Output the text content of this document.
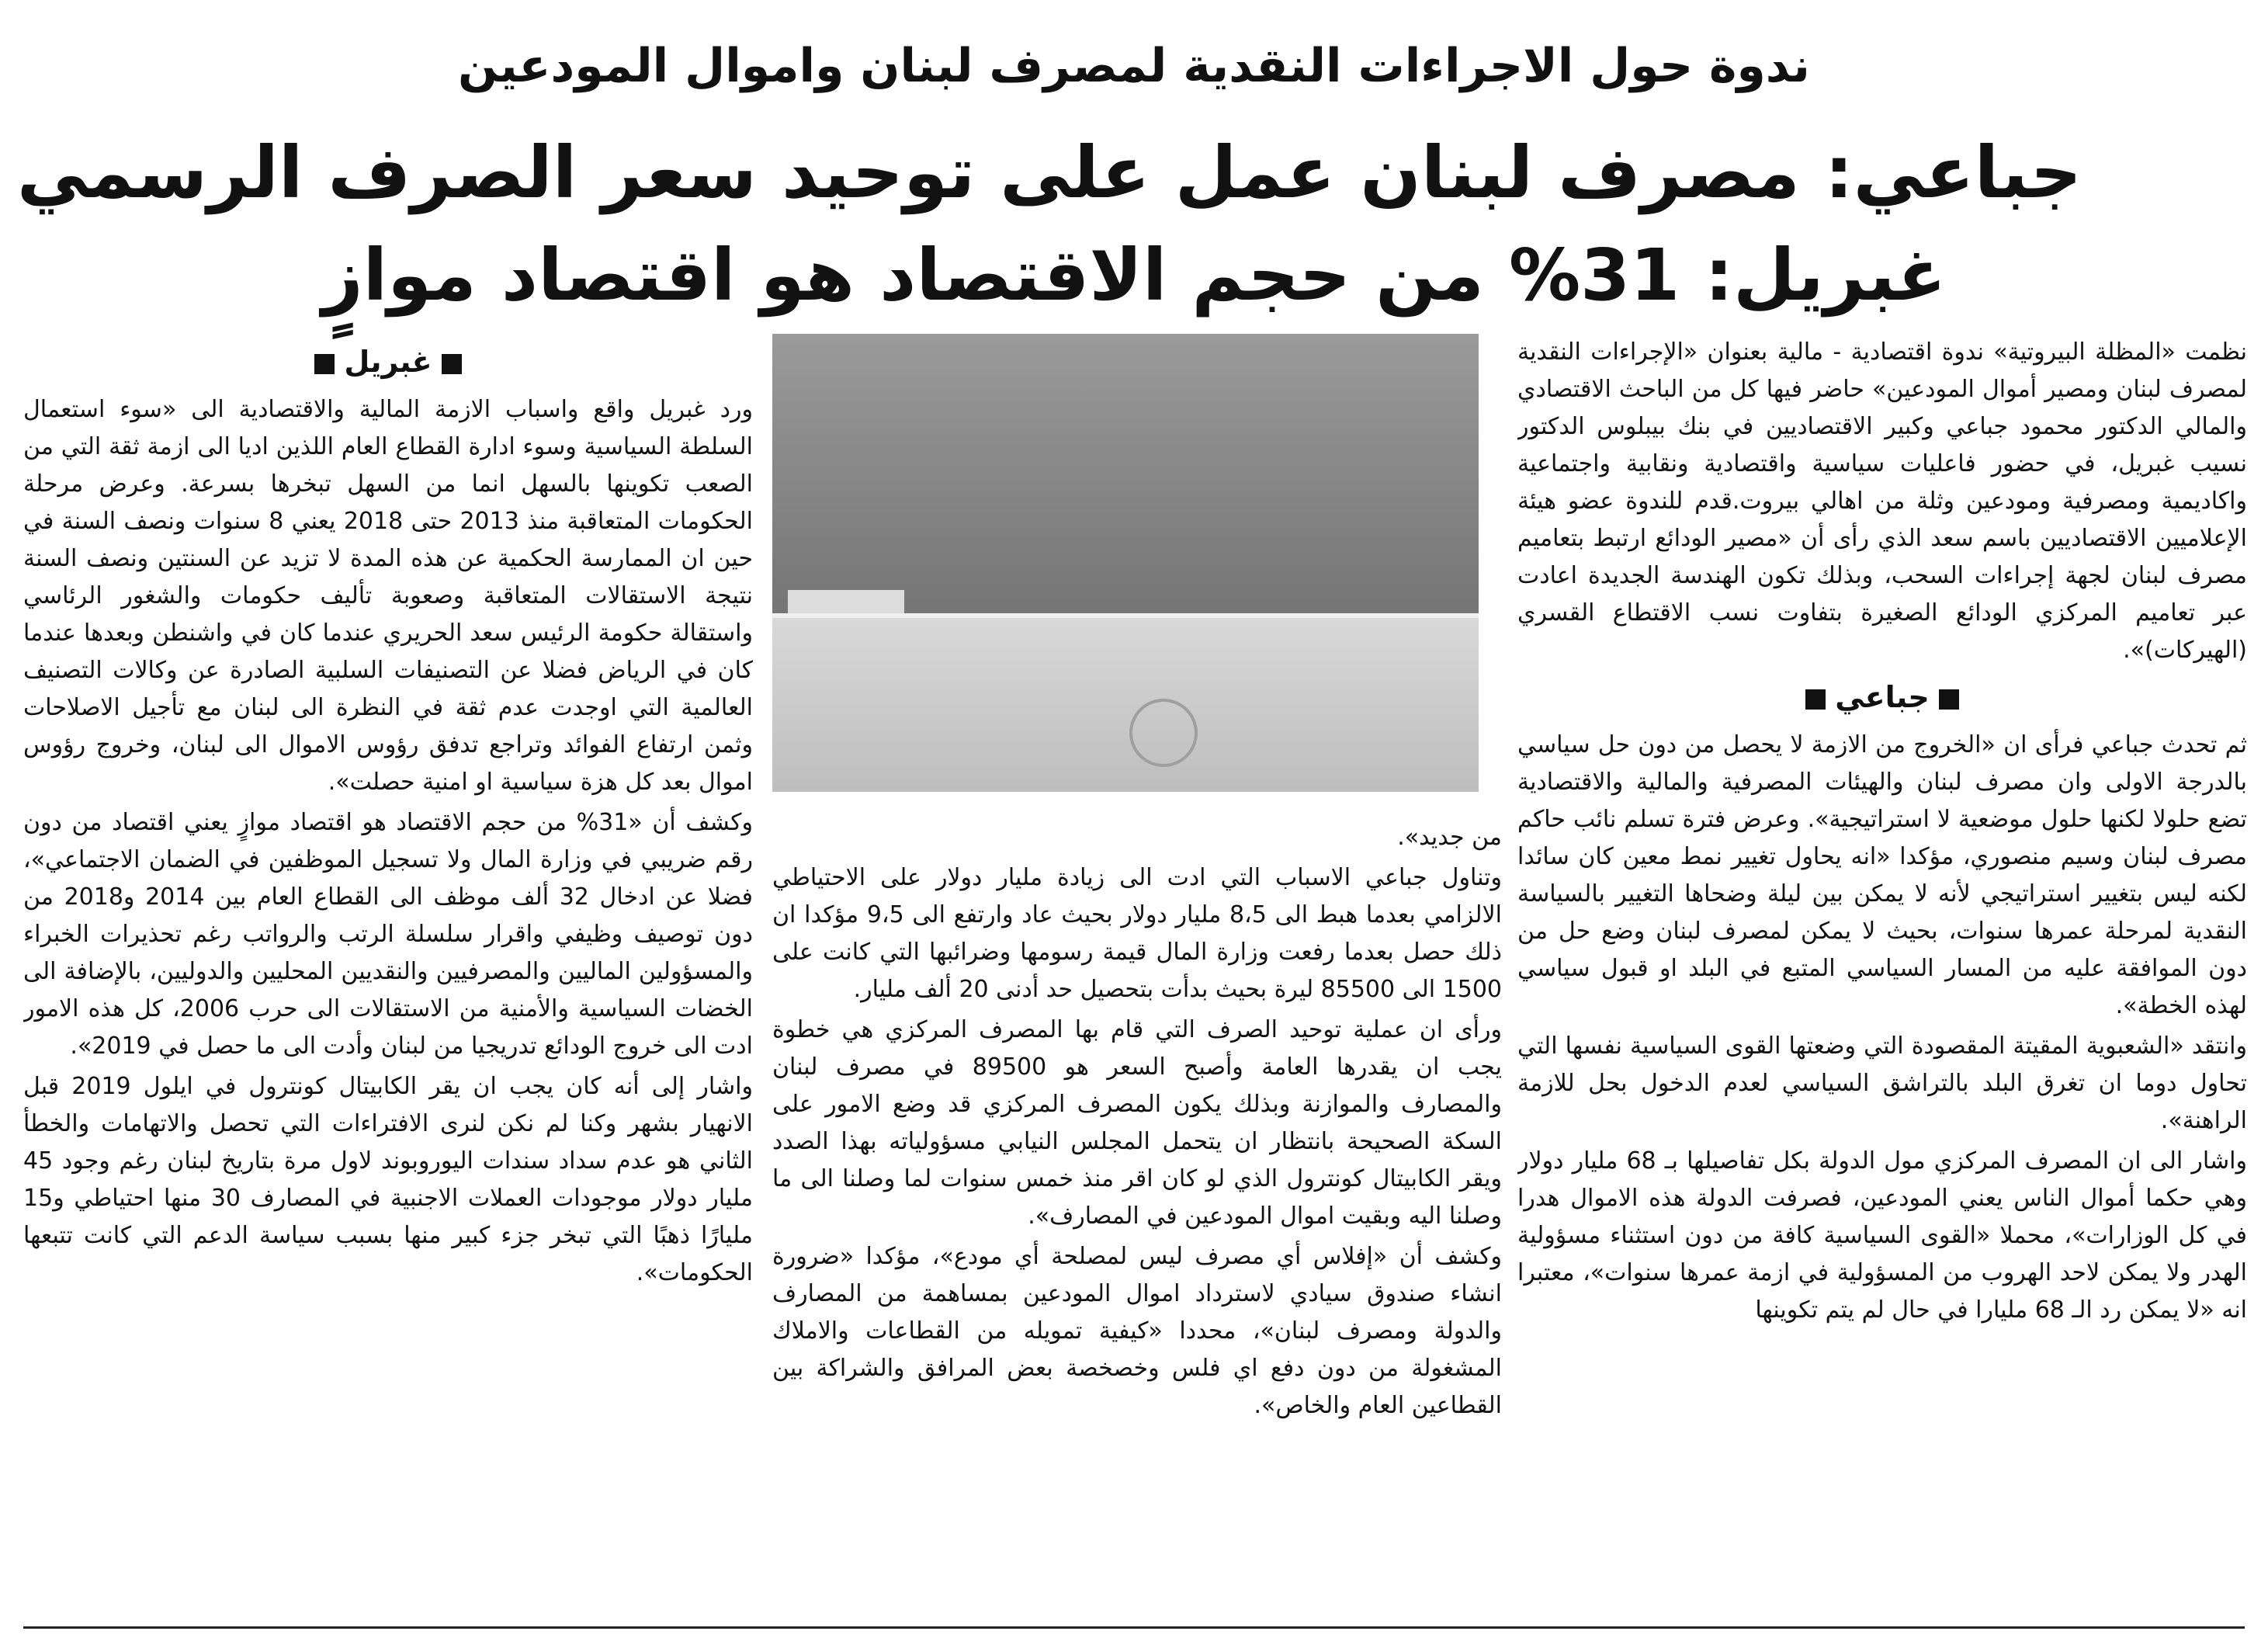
ندوة حول الاجراءات النقدية لمصرف لبنان واموال المودعين
جباعي: مصرف لبنان عمل على توحيد سعر الصرف الرسمي
غبريل: 31% من حجم الاقتصاد هو اقتصاد موازٍ

نظمت «المظلة البيروتية» ندوة اقتصادية - مالية بعنوان «الإجراءات النقدية لمصرف لبنان ومصير أموال المودعين» حاضر فيها كل من الباحث الاقتصادي والمالي الدكتور محمود جباعي وكبير الاقتصاديين في بنك بيبلوس الدكتور نسيب غبريل، في حضور فاعليات سياسية واقتصادية ونقابية واجتماعية واكاديمية ومصرفية ومودعين وثلة من اهالي بيروت.قدم للندوة عضو هيئة الإعلاميين الاقتصاديين باسم سعد الذي رأى أن «مصير الودائع ارتبط بتعاميم مصرف لبنان لجهة إجراءات السحب، وبذلك تكون الهندسة الجديدة اعادت عبر تعاميم المركزي الودائع الصغيرة بتفاوت نسب الاقتطاع القسري (الهيركات)».

جباعي

ثم تحدث جباعي فرأى ان «الخروج من الازمة لا يحصل من دون حل سياسي بالدرجة الاولى وان مصرف لبنان والهيئات المصرفية والمالية والاقتصادية تضع حلولا لكنها حلول موضعية لا استراتيجية». وعرض فترة تسلم نائب حاكم مصرف لبنان وسيم منصوري، مؤكدا «انه يحاول تغيير نمط معين كان سائدا لكنه ليس بتغيير استراتيجي لأنه لا يمكن بين ليلة وضحاها التغيير بالسياسة النقدية لمرحلة عمرها سنوات، بحيث لا يمكن لمصرف لبنان وضع حل من دون الموافقة عليه من المسار السياسي المتبع في البلد او قبول سياسي لهذه الخطة».

وانتقد «الشعبوية المقيتة المقصودة التي وضعتها القوى السياسية نفسها التي تحاول دوما ان تغرق البلد بالتراشق السياسي لعدم الدخول بحل للازمة الراهنة».

واشار الى ان المصرف المركزي مول الدولة بكل تفاصيلها بـ 68 مليار دولار وهي حكما أموال الناس يعني المودعين، فصرفت الدولة هذه الاموال هدرا في كل الوزارات»، محملا «القوى السياسية كافة من دون استثناء مسؤولية الهدر ولا يمكن لاحد الهروب من المسؤولية في ازمة عمرها سنوات»، معتبرا انه «لا يمكن رد الـ 68 مليارا في حال لم يتم تكوينها

من جديد».

وتناول جباعي الاسباب التي ادت الى زيادة مليار دولار على الاحتياطي الالزامي بعدما هبط الى 8،5 مليار دولار بحيث عاد وارتفع الى 9،5 مؤكدا ان ذلك حصل بعدما رفعت وزارة المال قيمة رسومها وضرائبها التي كانت على 1500 الى 85500 ليرة بحيث بدأت بتحصيل حد أدنى 20 ألف مليار.

ورأى ان عملية توحيد الصرف التي قام بها المصرف المركزي هي خطوة يجب ان يقدرها العامة وأصبح السعر هو 89500 في مصرف لبنان والمصارف والموازنة وبذلك يكون المصرف المركزي قد وضع الامور على السكة الصحيحة بانتظار ان يتحمل المجلس النيابي مسؤولياته بهذا الصدد ويقر الكابيتال كونترول الذي لو كان اقر منذ خمس سنوات لما وصلنا الى ما وصلنا اليه وبقيت اموال المودعين في المصارف».

وكشف أن «إفلاس أي مصرف ليس لمصلحة أي مودع»، مؤكدا «ضرورة انشاء صندوق سيادي لاسترداد اموال المودعين بمساهمة من المصارف والدولة ومصرف لبنان»، محددا «كيفية تمويله من القطاعات والاملاك المشغولة من دون دفع اي فلس وخصخصة بعض المرافق والشراكة بين القطاعين العام والخاص».

غبريل

ورد غبريل واقع واسباب الازمة المالية والاقتصادية الى «سوء استعمال السلطة السياسية وسوء ادارة القطاع العام اللذين اديا الى ازمة ثقة التي من الصعب تكوينها بالسهل انما من السهل تبخرها بسرعة. وعرض مرحلة الحكومات المتعاقبة منذ 2013 حتى 2018 يعني 8 سنوات ونصف السنة في حين ان الممارسة الحكمية عن هذه المدة لا تزيد عن السنتين ونصف السنة نتيجة الاستقالات المتعاقبة وصعوبة تأليف حكومات والشغور الرئاسي واستقالة حكومة الرئيس سعد الحريري عندما كان في واشنطن وبعدها عندما كان في الرياض فضلا عن التصنيفات السلبية الصادرة عن وكالات التصنيف العالمية التي اوجدت عدم ثقة في النظرة الى لبنان مع تأجيل الاصلاحات وثمن ارتفاع الفوائد وتراجع تدفق رؤوس الاموال الى لبنان، وخروج رؤوس اموال بعد كل هزة سياسية او امنية حصلت».

وكشف أن «31% من حجم الاقتصاد هو اقتصاد موازٍ يعني اقتصاد من دون رقم ضريبي في وزارة المال ولا تسجيل الموظفين في الضمان الاجتماعي»، فضلا عن ادخال 32 ألف موظف الى القطاع العام بين 2014 و2018 من دون توصيف وظيفي واقرار سلسلة الرتب والرواتب رغم تحذيرات الخبراء والمسؤولين الماليين والمصرفيين والنقديين المحليين والدوليين، بالإضافة الى الخضات السياسية والأمنية من الاستقالات الى حرب 2006، كل هذه الامور ادت الى خروج الودائع تدريجيا من لبنان وأدت الى ما حصل في 2019».

واشار إلى أنه كان يجب ان يقر الكابيتال كونترول في ايلول 2019 قبل الانهيار بشهر وكنا لم نكن لنرى الافتراءات التي تحصل والاتهامات والخطأ الثاني هو عدم سداد سندات اليوروبوند لاول مرة بتاريخ لبنان رغم وجود 45 مليار دولار موجودات العملات الاجنبية في المصارف 30 منها احتياطي و15 مليارًا ذهبًا التي تبخر جزء كبير منها بسبب سياسة الدعم التي كانت تتبعها الحكومات».
